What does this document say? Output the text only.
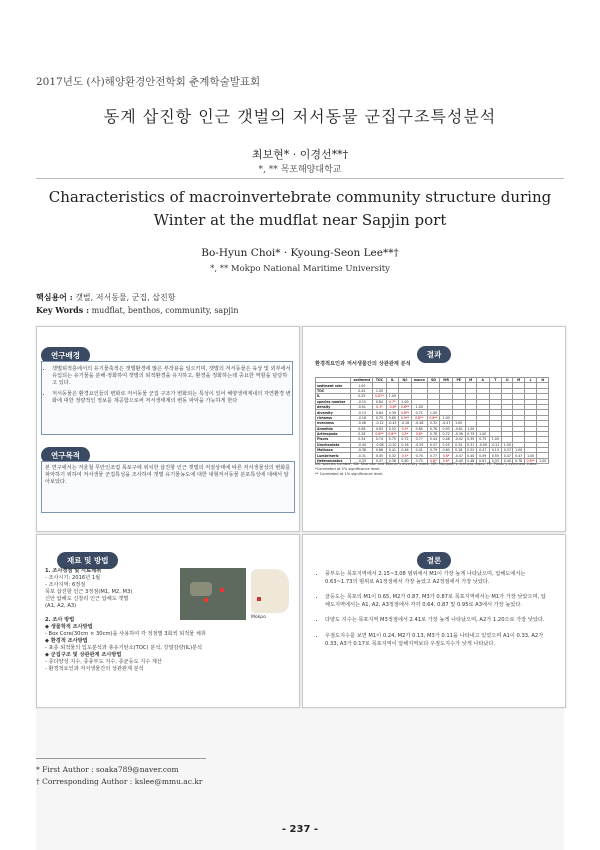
2017년도 (사)해양환경안전학회 춘계학술발표회
동계 삽진항 인근 갯벌의 저서동물 군집구조특성분석
최보현* · 이경선**†
*, ** 목포해양대학교
Characteristics of macroinvertebrate community structure during Winter at the mudflat near Sapjin port
Bo-Hyun Choi* · Kyoung-Seon Lee**†
*, ** Mokpo National Maritime University
핵심용어 : 갯벌, 저서동물, 군집, 삽진항
Key Words : mudflat, benthos, community, sapjin
연구배경
• 갯벌퇴적층에서의 유기물축적은 갯벌환경에 많은 부작용을 일으키며, 갯벌의 저서동물은 육상 및 외부에서 유입되는 유기물을 분해·정화하여 갯벌의 퇴적환경을 유지하고, 환경을 정화하는데 중요한 역할을 담당하고 있다.
• 저서동물은 환경요인들의 변화로 저서동물 군집 구조가 변화되는 특성이 있어 해양생태계내의 자연환경 변화에 대한 정량적인 정보를 제공함으로써 저서생태계의 변동 파악을 가능하게 한다
연구목적
본 연구에서는 겨울철 무안인조업 목포구에 위치한 삽진항 인근 갯벌의 저질상태에 따른 저서생물상의 변화를 파악하기 위하여 저서생물 군집특성을 조사하여 갯벌 유기물농도에 대한 대형저서동물 분포특성에 대해서 알아보았다.
결과
환경적요인과 저서생물간의 상관관계 분석
	sediment	TOC	IL	N/I	macro	SD	MR	PE	M	A	T	U	M	L	N
sediment rate	1.00														
TOC	0.42	1.00													
IL	0.25	0.87*	1.00												
species number	-0.15	0.84	0.7*	1.00											
density	-0.01	0.1*	-0.6*	0.8**	1.00										
diversity	-0.13	0.64	0.39	0.8**	0.71	1.00									
richness	-0.18	0.75	0.60	0.9**	0.8**	0.8**	1.00								
evenness	-0.08	-0.12	-0.43	-0.18	-0.48	0.32	-0.47	1.00							
Annelida	0.08	0.63	0.52	0.5*	0.85	0.76	0.93	-0.61	1.00						
Arthropoda	0.28	0.8**	0.8**	0.5*	0.8*	0.78	0.72	-0.36	0.75	1.00					
Pisces	0.34	0.74	0.75	0.72	0.77	0.44	0.48	-0.42	0.55	0.75	1.00				
Urochordata	-0.44	-0.08	-0.20	0.16	-0.29	0.57	0.25	0.34	0.31	-0.09	-0.21	1.00			
Mollusca	-0.38	0.66	0.41	0.46	0.41	0.79	0.60	0.18	0.52	0.47	0.13	0.37	1.00		
Lumbrineris	-0.31	0.45	0.32	0.5*	0.70	0.77	0.6*	-0.47	0.40	0.59	0.55	0.47	0.47	1.00	
Heteromastus	-0.33	0.47	0.38	0.60	0.75	0.8*	0.6*	-0.40	0.48	0.61	0.33	0.40	0.78	0.8**	1.00
NS: species number; SD: Shannon and Wiener's diversity index; MR: Margalef's richness index; PE: Pielou's evenness index.
*Correlated at 5% significance level.
** Correlated at 1% significance level.
재료 및 방법
1. 조사정점 및 시료채취
- 조사시기: 2016년 1월
- 조사지역: 6정점
목포 삽진항 인근 3정점(M1, M2, M3)
신안 압해도 신장리 인근 압해도 갯벌
(A1, A2, A3)

2. 조사 방법
◆ 생물학적 조사방법
- Box Core(30cm × 30cm)을 사용하여 각 정점별 3회씩 퇴적물 채취
◆ 환경적 조사방법
- 표층 퇴적물의 입도분석과 총유기탄소(TOC) 분석, 강열감량(IL)분석
◆ 군집구조 및 상관관계 조사방법
- 종다양성 지수, 종풍부도 지수, 종균등도 지수 계산
- 환경적요인과 저서생물간의 상관관계 분석
Mokpo
결론
• 풍부도는 목포지역에서 2.15~3.08 범위에서 M1이 가장 높게 나타났으며, 압해도에서는 0.63~1.73의 범위로 A1정점에서 가장 높았고 A2정점에서 가장 낮았다.
• 균등도는 목포의 M1이 0.65, M2가 0.87, M3가 0.87로 목포지역에서는 M1가 가장 낮았으며, 압해도지역에서는 A1, A2, A3정점에서 각각 0.64, 0.87 및 0.95로 A3에서 가장 높았다.
• 다양도 지수는 목포지역 M3정점에서 2.41로 가장 높게 나타났으며, A2가 1.20으로 가장 낮았다.
• 우점도지수를 보면 M1이 0.24, M2가 0.13, M3가 0.11을 나타내고 있었으며 A1이 0.33, A2가 0.33, A3가 0.17로 목포지역이 압해지역보다 우점도지수가 낮게 나타났다.
* First Author : soaka789@naver.com
† Corresponding Author : kslee@mmu.ac.kr
- 237 -
